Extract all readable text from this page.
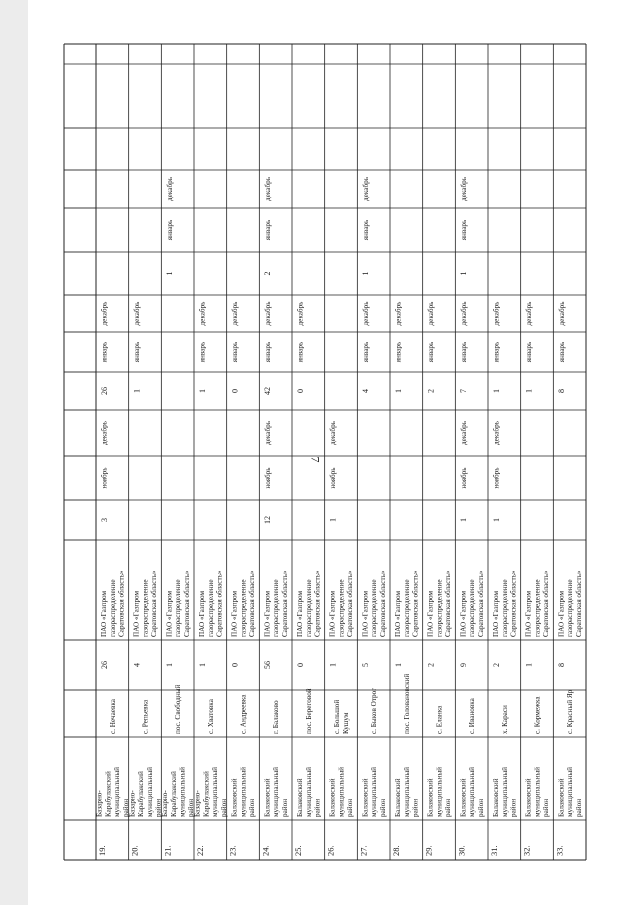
7
19.
Базарно- Карабулакский муниципальный район
с. Нечаевка
26
ПАО «Газпром газораспределение Саратовская область»
3
26
ноябрь
декабрь
январь
декабрь
20.
Базарно- Карабулакский муниципальный район
с. Репьевка
4
ПАО «Газпром газораспределение Саратовская область»
1
январь
декабрь
21.
Базарно- Карабулакский муниципальный район
пос. Свободный
1
ПАО «Газпром газораспределение Саратовская область»
1
январь
декабрь
22.
Базарно- Карабулакский муниципальный район
с. Хватовка
1
ПАО «Газпром газораспределение Саратовская область»
1
январь
декабрь
23.
Балаковский муниципальный район
с. Андреевка
0
ПАО «Газпром газораспределение Саратовская область»
0
январь
декабрь
24.
Балаковский муниципальный район
г. Балаково
56
ПАО «Газпром газораспределение Саратовская область»
12
42
2
ноябрь
декабрь
январь
декабрь
январь
декабрь
25.
Балаковский муниципальный район
пос. Береговой
0
ПАО «Газпром газораспределение Саратовская область»
0
январь
декабрь
26.
Балаковский муниципальный район
с. Большой Кушум
1
ПАО «Газпром газораспределение Саратовская область»
1
ноябрь
декабрь
27.
Балаковский муниципальный район
с. Быков Отрог
5
ПАО «Газпром газораспределение Саратовская область»
4
1
январь
декабрь
январь
декабрь
28.
Балаковский муниципальный район
пос. Головановский
1
ПАО «Газпром газораспределение Саратовская область»
1
январь
декабрь
29.
Балаковский муниципальный район
с. Еланка
2
ПАО «Газпром газораспределение Саратовская область»
2
январь
декабрь
30.
Балаковский муниципальный район
с. Ивановка
9
ПАО «Газпром газораспределение Саратовская область»
1
7
1
ноябрь
декабрь
январь
декабрь
январь
декабрь
31.
Балаковский муниципальный район
х. Караси
2
ПАО «Газпром газораспределение Саратовская область»
1
1
ноябрь
декабрь
январь
декабрь
32.
Балаковский муниципальный район
с. Кормежка
1
ПАО «Газпром газораспределение Саратовская область»
1
январь
декабрь
33.
Балаковский муниципальный район
с. Красный Яр
8
ПАО «Газпром газораспределение Саратовская область»
8
январь
декабрь
